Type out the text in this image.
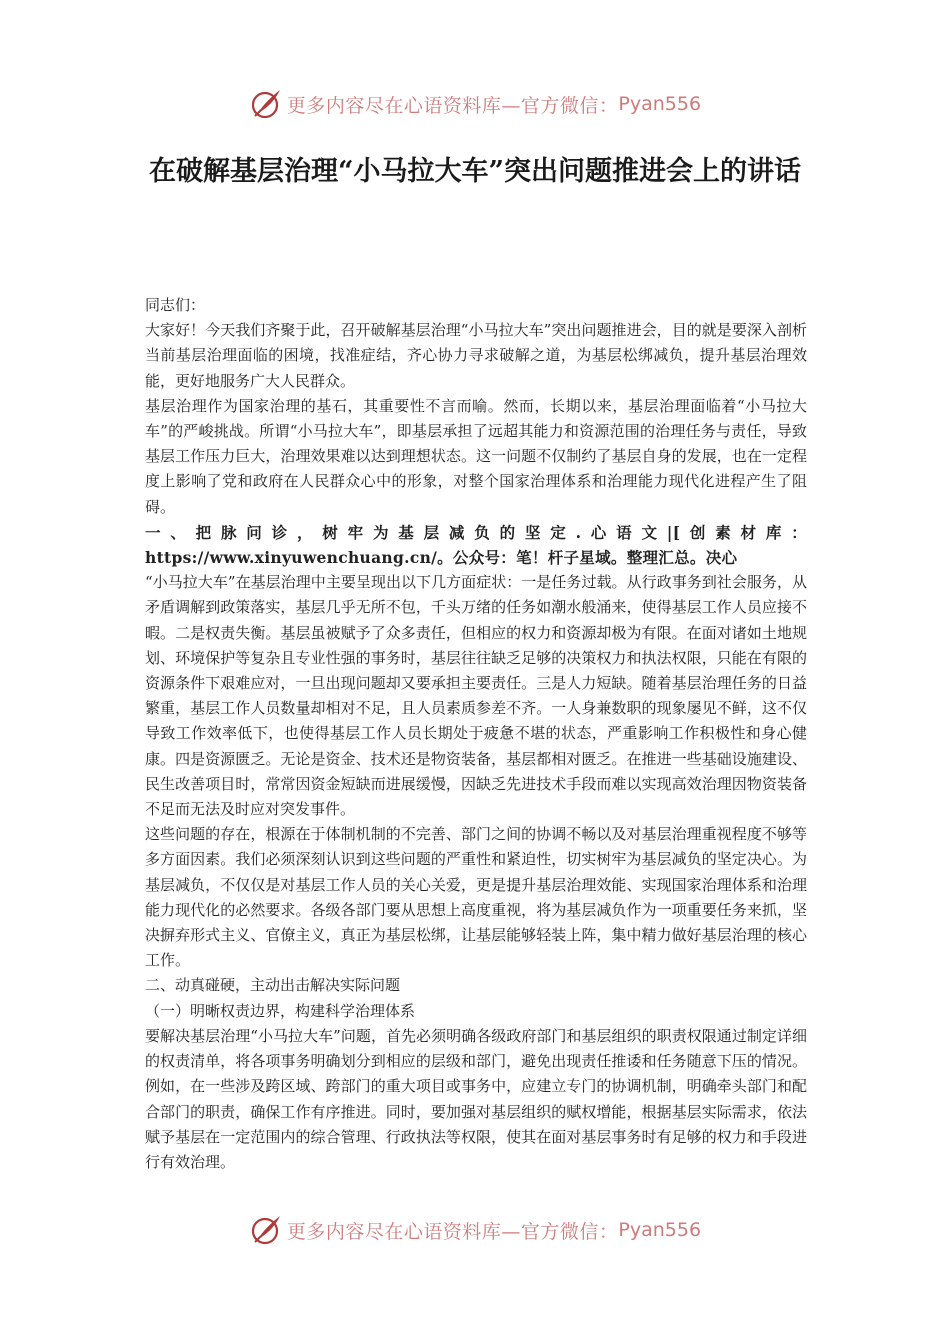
更多内容尽在心语资料库—官方微信： Pyan556
在破解基层治理“小马拉大车”突出问题推进会上的讲话

同志们：

大家好！今天我们齐聚于此，召开破解基层治理“小马拉大车”突出问题推进会，目的就是要深入剖析当前基层治理面临的困境，找准症结，齐心协力寻求破解之道，为基层松绑减负，提升基层治理效能，更好地服务广大人民群众。

基层治理作为国家治理的基石，其重要性不言而喻。然而，长期以来，基层治理面临着“小马拉大车”的严峻挑战。所谓“小马拉大车”，即基层承担了远超其能力和资源范围的治理任务与责任，导致基层工作压力巨大，治理效果难以达到理想状态。这一问题不仅制约了基层自身的发展，也在一定程度上影响了党和政府在人民群众心中的形象，对整个国家治理体系和治理能力现代化进程产生了阻碍。

一、把脉问诊，树牢为基层减负的坚定.心语文|[创素材库：https://www.xinyuwenchuang.cn/。公众号：笔！杆子星域。整理汇总。决心

“小马拉大车”在基层治理中主要呈现出以下几方面症状：一是任务过载。从行政事务到社会服务，从矛盾调解到政策落实，基层几乎无所不包，千头万绪的任务如潮水般涌来，使得基层工作人员应接不暇。二是权责失衡。基层虽被赋予了众多责任，但相应的权力和资源却极为有限。在面对诸如土地规划、环境保护等复杂且专业性强的事务时，基层往往缺乏足够的决策权力和执法权限，只能在有限的资源条件下艰难应对，一旦出现问题却又要承担主要责任。三是人力短缺。随着基层治理任务的日益繁重，基层工作人员数量却相对不足，且人员素质参差不齐。一人身兼数职的现象屡见不鲜，这不仅导致工作效率低下，也使得基层工作人员长期处于疲惫不堪的状态，严重影响工作积极性和身心健康。四是资源匮乏。无论是资金、技术还是物资装备，基层都相对匮乏。在推进一些基础设施建设、民生改善项目时，常常因资金短缺而进展缓慢，因缺乏先进技术手段而难以实现高效治理因物资装备不足而无法及时应对突发事件。

这些问题的存在，根源在于体制机制的不完善、部门之间的协调不畅以及对基层治理重视程度不够等多方面因素。我们必须深刻认识到这些问题的严重性和紧迫性，切实树牢为基层减负的坚定决心。为基层减负，不仅仅是对基层工作人员的关心关爱，更是提升基层治理效能、实现国家治理体系和治理能力现代化的必然要求。各级各部门要从思想上高度重视，将为基层减负作为一项重要任务来抓，坚决摒弃形式主义、官僚主义，真正为基层松绑，让基层能够轻装上阵，集中精力做好基层治理的核心工作。

二、动真碰硬，主动出击解决实际问题

（一）明晰权责边界，构建科学治理体系

要解决基层治理“小马拉大车”问题，首先必须明确各级政府部门和基层组织的职责权限通过制定详细的权责清单，将各项事务明确划分到相应的层级和部门，避免出现责任推诿和任务随意下压的情况。例如，在一些涉及跨区域、跨部门的重大项目或事务中，应建立专门的协调机制，明确牵头部门和配合部门的职责，确保工作有序推进。同时，要加强对基层组织的赋权增能，根据基层实际需求，依法赋予基层在一定范围内的综合管理、行政执法等权限，使其在面对基层事务时有足够的权力和手段进行有效治理。

更多内容尽在心语资料库—官方微信： Pyan556
